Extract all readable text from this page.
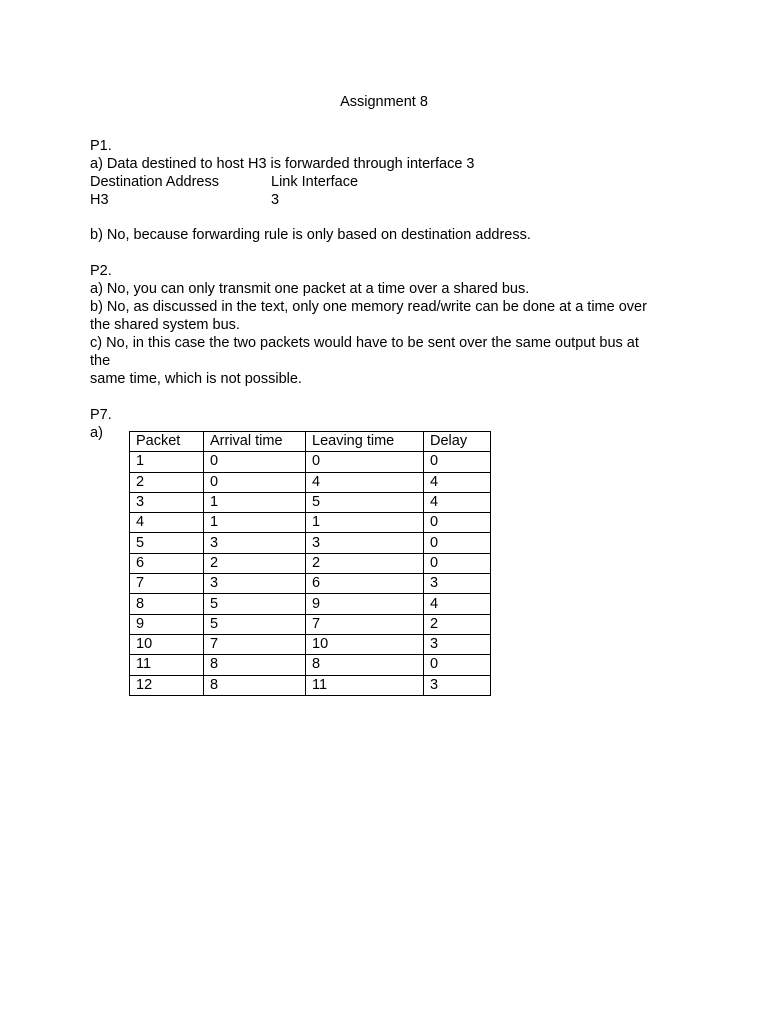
Assignment 8
P1.
a) Data destined to host H3 is forwarded through interface 3
Destination Address	Link Interface
H3	3
b) No, because forwarding rule is only based on destination address.
P2.
a) No, you can only transmit one packet at a time over a shared bus.
b) No, as discussed in the text, only one memory read/write can be done at a time over
the shared system bus.
c) No, in this case the two packets would have to be sent over the same output bus at
the
same time, which is not possible.
P7.
a)
Packet	Arrival time	Leaving time	Delay
1	0	0	0
2	0	4	4
3	1	5	4
4	1	1	0
5	3	3	0
6	2	2	0
7	3	6	3
8	5	9	4
9	5	7	2
10	7	10	3
11	8	8	0
12	8	11	3
